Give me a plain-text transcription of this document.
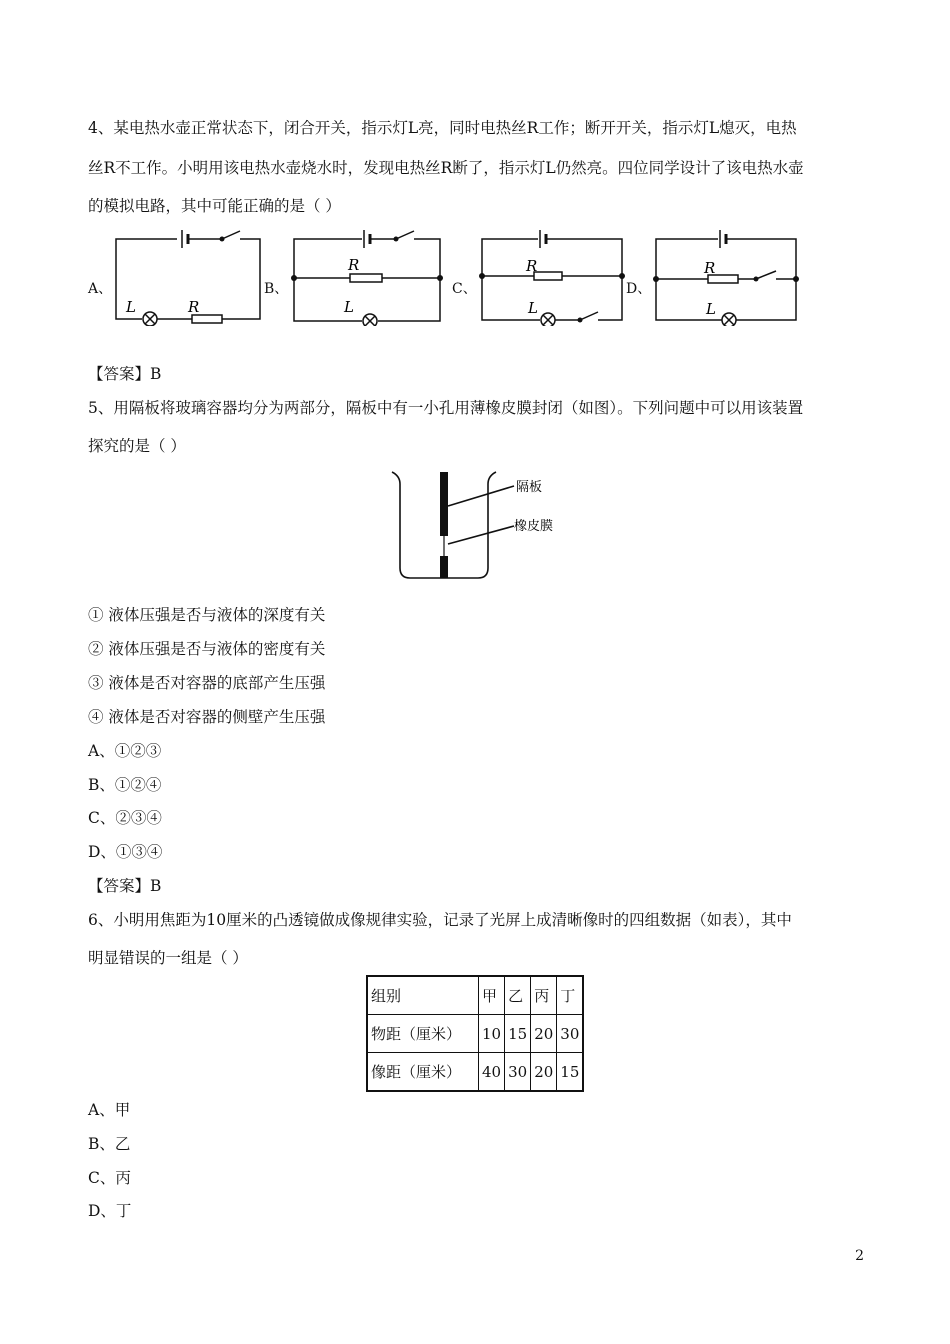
4、某电热水壶正常状态下，闭合开关，指示灯L亮，同时电热丝R工作；断开开关，指示灯L熄灭，电热
丝R不工作。小明用该电热水壶烧水时，发现电热丝R断了，指示灯L仍然亮。四位同学设计了该电热水壶
的模拟电路，其中可能正确的是（ ）
A、
L	R
B、
R
L
C、
R
L
D、
R
L
【答案】B
5、用隔板将玻璃容器均分为两部分，隔板中有一小孔用薄橡皮膜封闭（如图）。下列问题中可以用该装置
探究的是（ ）
隔板
橡皮膜
① 液体压强是否与液体的深度有关
② 液体压强是否与液体的密度有关
③ 液体是否对容器的底部产生压强
④ 液体是否对容器的侧壁产生压强
A、①②③
B、①②④
C、②③④
D、①③④
【答案】B
6、小明用焦距为10厘米的凸透镜做成像规律实验，记录了光屏上成清晰像时的四组数据（如表），其中
明显错误的一组是（ ）
组别	甲	乙	丙	丁
物距（厘米）	10	15	20	30
像距（厘米）	40	30	20	15
A、甲
B、乙
C、丙
D、丁
2
